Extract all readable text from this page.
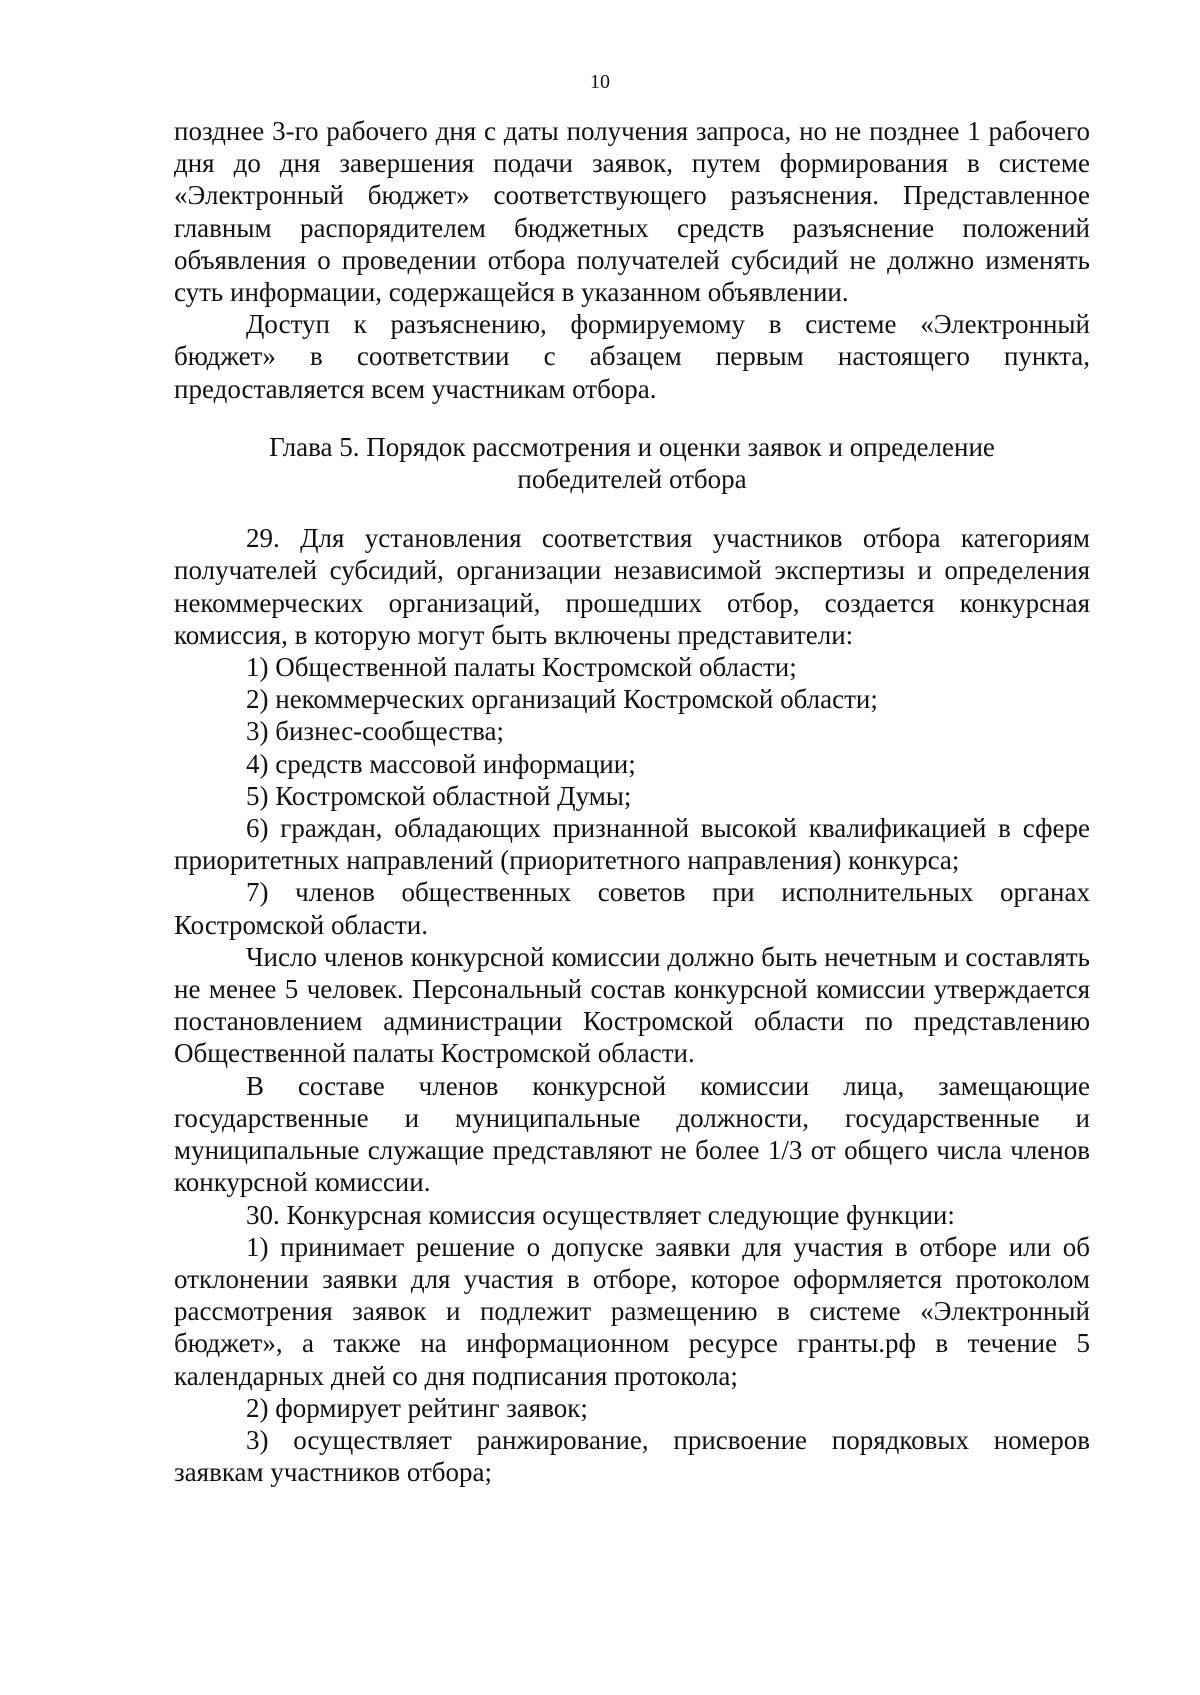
10

позднее 3-го рабочего дня с даты получения запроса, но не позднее 1 рабочего дня до дня завершения подачи заявок, путем формирования в системе «Электронный бюджет» соответствующего разъяснения. Представленное главным распорядителем бюджетных средств разъяснение положений объявления о проведении отбора получателей субсидий не должно изменять суть информации, содержащейся в указанном объявлении.

Доступ к разъяснению, формируемому в системе «Электронный бюджет» в соответствии с абзацем первым настоящего пункта, предоставляется всем участникам отбора.

Глава 5. Порядок рассмотрения и оценки заявок и определение
победителей отбора

29. Для установления соответствия участников отбора категориям получателей субсидий, организации независимой экспертизы и определения некоммерческих организаций, прошедших отбор, создается конкурсная комиссия, в которую могут быть включены представители:

1) Общественной палаты Костромской области;

2) некоммерческих организаций Костромской области;

3) бизнес-сообщества;

4) средств массовой информации;

5) Костромской областной Думы;

6) граждан, обладающих признанной высокой квалификацией в сфере приоритетных направлений (приоритетного направления) конкурса;

7) членов общественных советов при исполнительных органах Костромской области.

Число членов конкурсной комиссии должно быть нечетным и составлять не менее 5 человек. Персональный состав конкурсной комиссии утверждается постановлением администрации Костромской области по представлению Общественной палаты Костромской области.

В составе членов конкурсной комиссии лица, замещающие государственные и муниципальные должности, государственные и муниципальные служащие представляют не более 1/3 от общего числа членов конкурсной комиссии.

30. Конкурсная комиссия осуществляет следующие функции:

1) принимает решение о допуске заявки для участия в отборе или об отклонении заявки для участия в отборе, которое оформляется протоколом рассмотрения заявок и подлежит размещению в системе «Электронный бюджет», а также на информационном ресурсе гранты.рф в течение 5 календарных дней со дня подписания протокола;

2) формирует рейтинг заявок;

3) осуществляет ранжирование, присвоение порядковых номеров заявкам участников отбора;
